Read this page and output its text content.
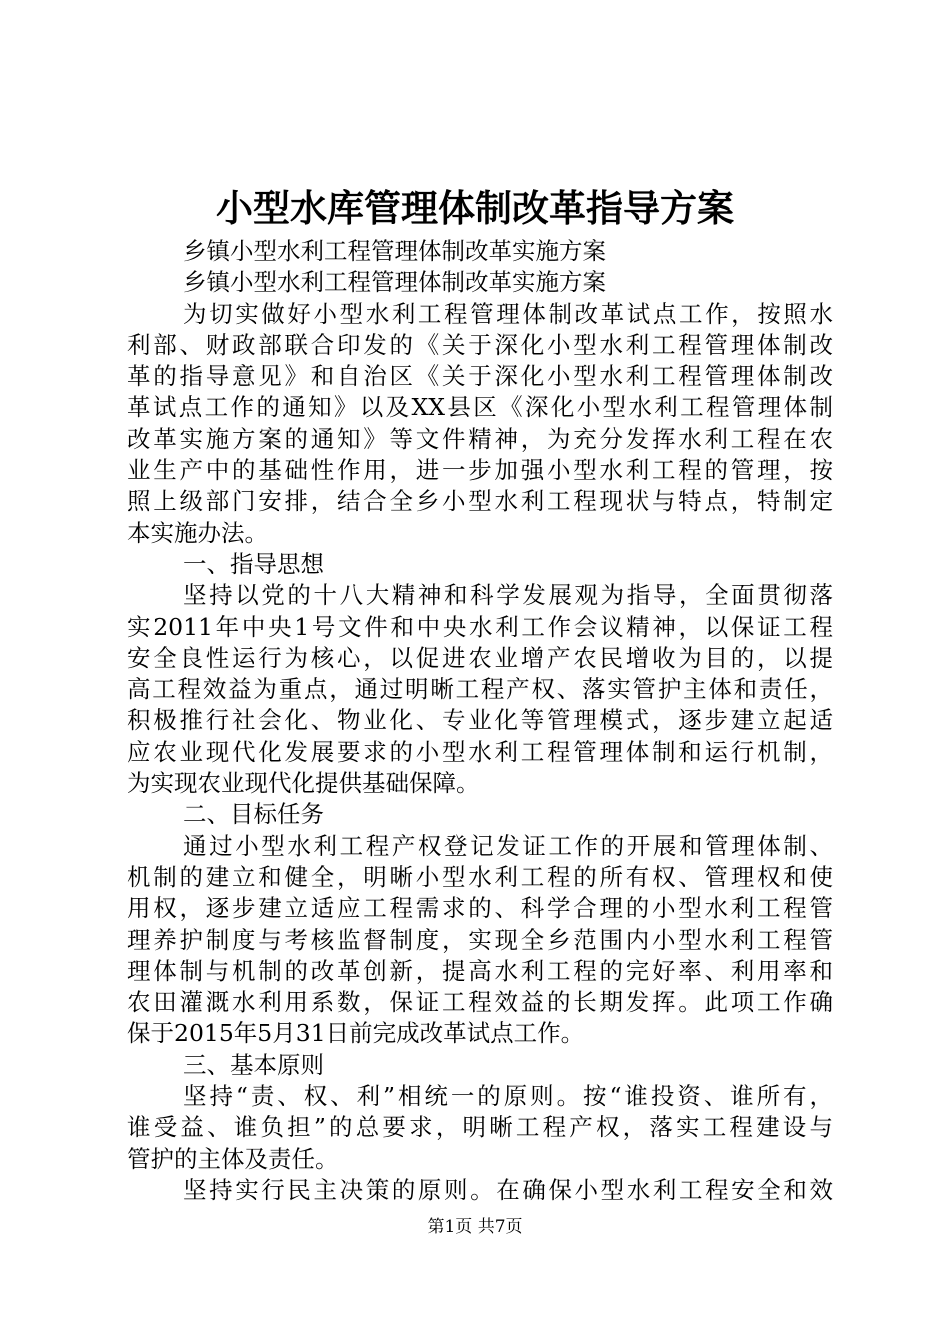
小型水库管理体制改革指导方案

乡镇小型水利工程管理体制改革实施方案

乡镇小型水利工程管理体制改革实施方案

为切实做好小型水利工程管理体制改革试点工作，按照水

利部、财政部联合印发的《关于深化小型水利工程管理体制改

革的指导意见》和自治区《关于深化小型水利工程管理体制改

革试点工作的通知》以及XX县区《深化小型水利工程管理体制

改革实施方案的通知》等文件精神，为充分发挥水利工程在农

业生产中的基础性作用，进一步加强小型水利工程的管理，按

照上级部门安排，结合全乡小型水利工程现状与特点，特制定

本实施办法。

一、指导思想

坚持以党的十八大精神和科学发展观为指导，全面贯彻落

实2011年中央1号文件和中央水利工作会议精神，以保证工程

安全良性运行为核心，以促进农业增产农民增收为目的，以提

高工程效益为重点，通过明晰工程产权、落实管护主体和责任，

积极推行社会化、物业化、专业化等管理模式，逐步建立起适

应农业现代化发展要求的小型水利工程管理体制和运行机制，

为实现农业现代化提供基础保障。

二、目标任务

通过小型水利工程产权登记发证工作的开展和管理体制、

机制的建立和健全，明晰小型水利工程的所有权、管理权和使

用权，逐步建立适应工程需求的、科学合理的小型水利工程管

理养护制度与考核监督制度，实现全乡范围内小型水利工程管

理体制与机制的改革创新，提高水利工程的完好率、利用率和

农田灌溉水利用系数，保证工程效益的长期发挥。此项工作确

保于2015年5月31日前完成改革试点工作。

三、基本原则

坚持“责、权、利”相统一的原则。按“谁投资、谁所有，

谁受益、谁负担”的总要求，明晰工程产权，落实工程建设与

管护的主体及责任。

坚持实行民主决策的原则。在确保小型水利工程安全和效

第1页 共7页
